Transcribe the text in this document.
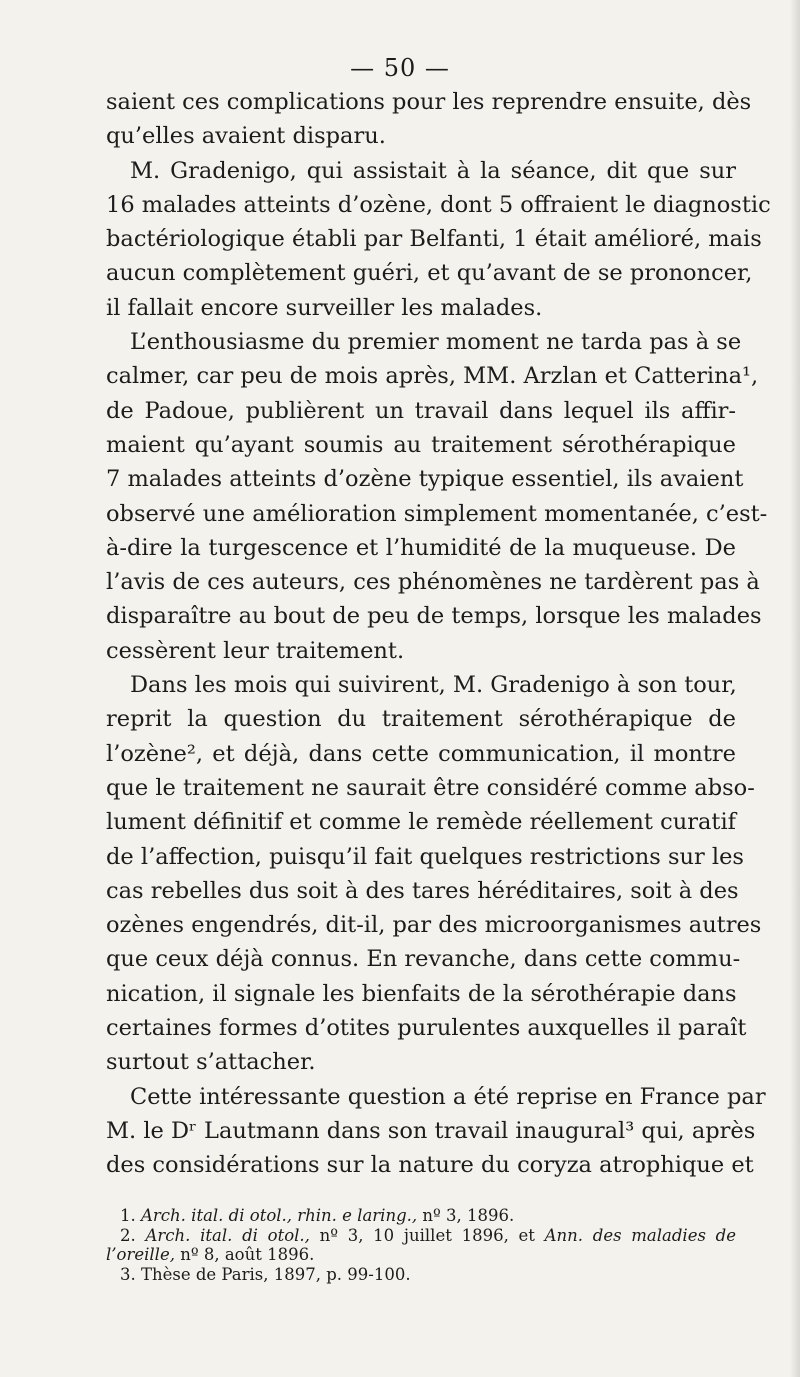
— 50 —
saient ces complications pour les reprendre ensuite, dès
qu’elles avaient disparu.
M. Gradenigo, qui assistait à la séance, dit que sur
16 malades atteints d’ozène, dont 5 offraient le diagnostic
bactériologique établi par Belfanti, 1 était amélioré, mais
aucun complètement guéri, et qu’avant de se prononcer,
il fallait encore surveiller les malades.
L’enthousiasme du premier moment ne tarda pas à se
calmer, car peu de mois après, MM. Arzlan et Catterina¹,
de Padoue, publièrent un travail dans lequel ils affir-
maient qu’ayant soumis au traitement sérothérapique
7 malades atteints d’ozène typique essentiel, ils avaient
observé une amélioration simplement momentanée, c’est-
à-dire la turgescence et l’humidité de la muqueuse. De
l’avis de ces auteurs, ces phénomènes ne tardèrent pas à
disparaître au bout de peu de temps, lorsque les malades
cessèrent leur traitement.
Dans les mois qui suivirent, M. Gradenigo à son tour,
reprit la question du traitement sérothérapique de
l’ozène², et déjà, dans cette communication, il montre
que le traitement ne saurait être considéré comme abso-
lument définitif et comme le remède réellement curatif
de l’affection, puisqu’il fait quelques restrictions sur les
cas rebelles dus soit à des tares héréditaires, soit à des
ozènes engendrés, dit-il, par des microorganismes autres
que ceux déjà connus. En revanche, dans cette commu-
nication, il signale les bienfaits de la sérothérapie dans
certaines formes d’otites purulentes auxquelles il paraît
surtout s’attacher.
Cette intéressante question a été reprise en France par
M. le Dʳ Lautmann dans son travail inaugural³ qui, après
des considérations sur la nature du coryza atrophique et
1. Arch. ital. di otol., rhin. e laring., nº 3, 1896.
2. Arch. ital. di otol., nº 3, 10 juillet 1896, et Ann. des maladies de
l’oreille, nº 8, août 1896.
3. Thèse de Paris, 1897, p. 99-100.
